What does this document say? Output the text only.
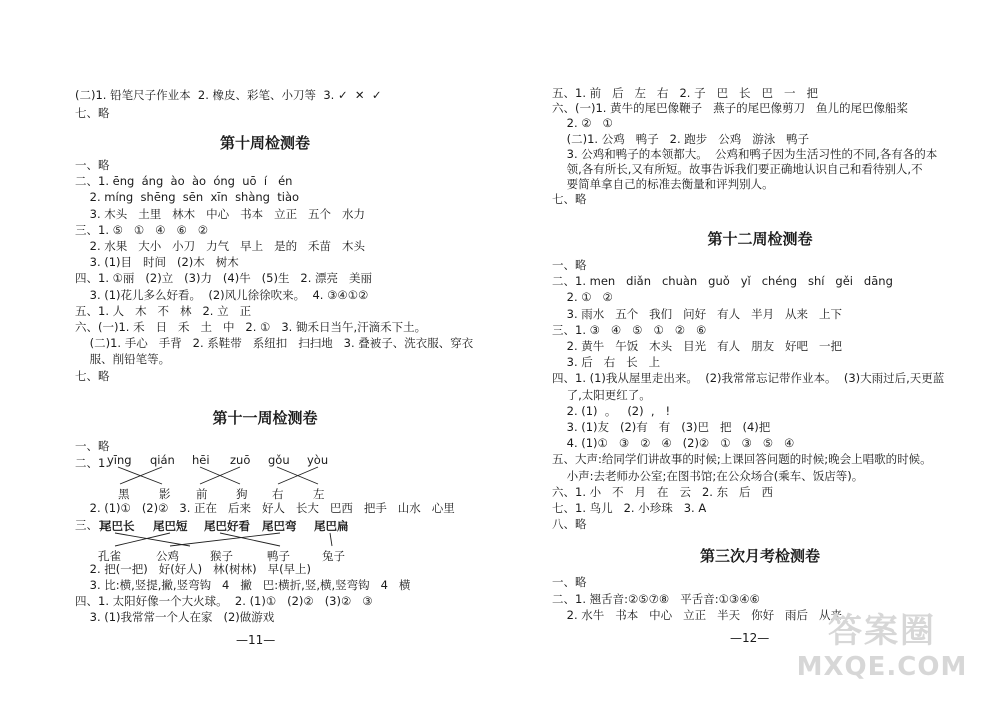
(二)1. 铅笔尺子作业本  2. 橡皮、彩笔、小刀等  3. ✓  ✕  ✓
七、略
第十周检测卷
一、略
二、1. ēng  áng  ào  ào  óng  uō  í   én
2. míng  shēng  sēn  xīn  shàng  tiào
3. 木头   土里   林木   中心   书本   立正   五个   水力
三、1. ⑤   ①   ④   ⑥   ②
2. 水果   大小   小刀   力气   早上   是的   禾苗   木头
3. (1)目   时间   (2)木   树木
四、1. ①丽   (2)立   (3)力   (4)牛   (5)生   2. 漂亮   美丽
3. (1)花儿多么好看。  (2)风儿徐徐吹来。  4. ③④①②
五、1. 人   木   不   林   2. 立   正
六、(一)1. 禾   日   禾   土   中   2. ①   3. 锄禾日当午,汗滴禾下土。
(二)1. 手心   手背   2. 系鞋带   系纽扣   扫扫地   3. 叠被子、洗衣服、穿衣
服、削铅笔等。
七、略
第十一周检测卷
一、略
二、1.
yīng qián hēi zuō gǒu yòu
黑	影 前 狗 右	左
2. (1)①   (2)②   3. 正在   后来   好人   长大   巴西   把手   山水   心里
三、1.
尾巴长 尾巴短 尾巴好看 尾巴弯 尾巴扁
孔雀	公鸡	猴子	鸭子	兔子
2. 把(一把)   好(好人)   林(树林)   早(早上)
3. 比:横,竖提,撇,竖弯钩   4   撇   巴:横折,竖,横,竖弯钩   4   横
四、1. 太阳好像一个大火球。  2. (1)①   (2)②   (3)②   ③
3. (1)我常常一个人在家   (2)做游戏
—11—
五、1. 前   后   左   右   2. 子   巴   长   巴   一   把
六、(一)1. 黄牛的尾巴像鞭子   燕子的尾巴像剪刀   鱼儿的尾巴像船桨
2. ②   ①
(二)1. 公鸡   鸭子   2. 跑步   公鸡   游泳   鸭子
3. 公鸡和鸭子的本领都大。  公鸡和鸭子因为生活习性的不同,各有各的本
领,各有所长,又有所短。故事告诉我们要正确地认识自己和看待别人,不
要简单拿自己的标准去衡量和评判别人。
七、略
第十二周检测卷
一、略
二、1. men   diǎn   chuàn   guǒ   yǐ   chéng   shí   gěi   dāng
2. ①   ②
3. 雨水   五个   我们   问好   有人   半月   从来   上下
三、1. ③   ④   ⑤   ①   ②   ⑥
2. 黄牛   午饭   木头   目光   有人   朋友   好吧   一把
3. 后   右   长   上
四、1. (1)我从屋里走出来。  (2)我常常忘记带作业本。  (3)大雨过后,天更蓝
了,太阳更红了。
2. (1)  。   (2)  ,   !
3. (1)友   (2)有   有   (3)巴   把   (4)把
4. (1)①   ③   ②   ④   (2)②   ①   ③   ⑤   ④
五、大声:给同学们讲故事的时候;上课回答问题的时候;晚会上唱歌的时候。
小声:去老师办公室;在图书馆;在公众场合(乘车、饭店等)。
六、1. 小   不   月   在   云   2. 东   后   西
七、1. 鸟儿   2. 小珍珠   3. A
八、略
第三次月考检测卷
一、略
二、1. 翘舌音:②⑤⑦⑧   平舌音:①③④⑥
2. 水牛   书本   中心   立正   半天   你好   雨后   从来
—12—	答案圈
MXQE.COM
